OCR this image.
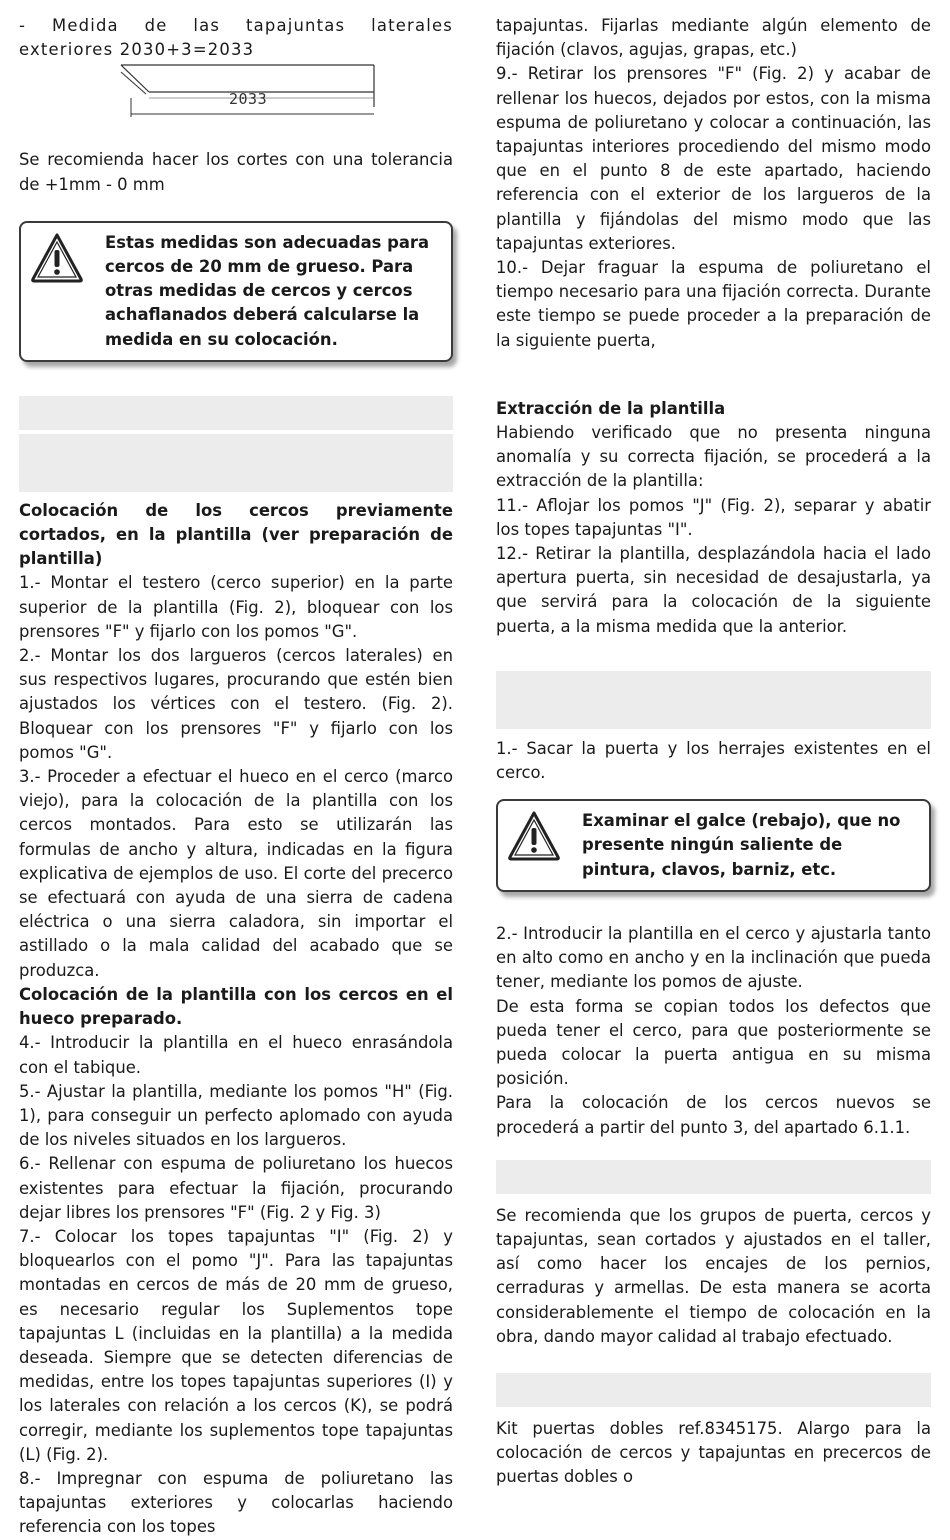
- Medida de las tapajuntas laterales exteriores 2030+3=2033

2033

Se recomienda hacer los cortes con una tolerancia de +1mm - 0 mm

Estas medidas son adecuadas para cercos de 20 mm de grueso. Para otras medidas de cercos y cercos achaflanados deberá calcularse la medida en su colocación.

Colocación de los cercos previamente cortados, en la plantilla (ver preparación de plantilla)

1.- Montar el testero (cerco superior) en la parte superior de la plantilla (Fig. 2), bloquear con los prensores "F" y fijarlo con los pomos "G".

2.- Montar los dos largueros (cercos laterales) en sus respectivos lugares, procurando que estén bien ajustados los vértices con el testero. (Fig. 2). Bloquear con los prensores "F" y fijarlo con los pomos "G".

3.- Proceder a efectuar el hueco en el cerco (marco viejo), para la colocación de la plantilla con los cercos montados. Para esto se utilizarán las formulas de ancho y altura, indicadas en la figura explicativa de ejemplos de uso. El corte del precerco se efectuará con ayuda de una sierra de cadena eléctrica o una sierra caladora, sin importar el astillado o la mala calidad del acabado que se produzca.

Colocación de la plantilla con los cercos en el hueco preparado.

4.- Introducir la plantilla en el hueco enrasándola con el tabique.

5.- Ajustar la plantilla, mediante los pomos "H" (Fig. 1), para conseguir un perfecto aplomado con ayuda de los niveles situados en los largueros.

6.- Rellenar con espuma de poliuretano los huecos existentes para efectuar la fijación, procurando dejar libres los prensores "F" (Fig. 2 y Fig. 3)

7.- Colocar los topes tapajuntas "I" (Fig. 2) y bloquearlos con el pomo "J". Para las tapajuntas montadas en cercos de más de 20 mm de grueso, es necesario regular los Suplementos tope tapajuntas L (incluidas en la plantilla) a la medida deseada. Siempre que se detecten diferencias de medidas, entre los topes tapajuntas superiores (I) y los laterales con relación a los cercos (K), se podrá corregir, mediante los suplementos tope tapajuntas (L) (Fig. 2).

8.- Impregnar con espuma de poliuretano las tapajuntas exteriores y colocarlas haciendo referencia con los topes

tapajuntas. Fijarlas mediante algún elemento de fijación (clavos, agujas, grapas, etc.)

9.- Retirar los prensores "F" (Fig. 2) y acabar de rellenar los huecos, dejados por estos, con la misma espuma de poliuretano y colocar a continuación, las tapajuntas interiores procediendo del mismo modo que en el punto 8 de este apartado, haciendo referencia con el exterior de los largueros de la plantilla y fijándolas del mismo modo que las tapajuntas exteriores.

10.- Dejar fraguar la espuma de poliuretano el tiempo necesario para una fijación correcta. Durante este tiempo se puede proceder a la preparación de la siguiente puerta,

Extracción de la plantilla

Habiendo verificado que no presenta ninguna anomalía y su correcta fijación, se procederá a la extracción de la plantilla:

11.- Aflojar los pomos "J" (Fig. 2), separar y abatir los topes tapajuntas "I".

12.- Retirar la plantilla, desplazándola hacia el lado apertura puerta, sin necesidad de desajustarla, ya que servirá para la colocación de la siguiente puerta, a la misma medida que la anterior.

1.- Sacar la puerta y los herrajes existentes en el cerco.

Examinar el galce (rebajo), que no presente ningún saliente de pintura, clavos, barniz, etc.

2.- Introducir la plantilla en el cerco y ajustarla tanto en alto como en ancho y en la inclinación que pueda tener, mediante los pomos de ajuste.

De esta forma se copian todos los defectos que pueda tener el cerco, para que posteriormente se pueda colocar la puerta antigua en su misma posición.

Para la colocación de los cercos nuevos se procederá a partir del punto 3, del apartado 6.1.1.

Se recomienda que los grupos de puerta, cercos y tapajuntas, sean cortados y ajustados en el taller, así como hacer los encajes de los pernios, cerraduras y armellas. De esta manera se acorta considerablemente el tiempo de colocación en la obra, dando mayor calidad al trabajo efectuado.

Kit puertas dobles ref.8345175. Alargo para la colocación de cercos y tapajuntas en precercos de puertas dobles o
